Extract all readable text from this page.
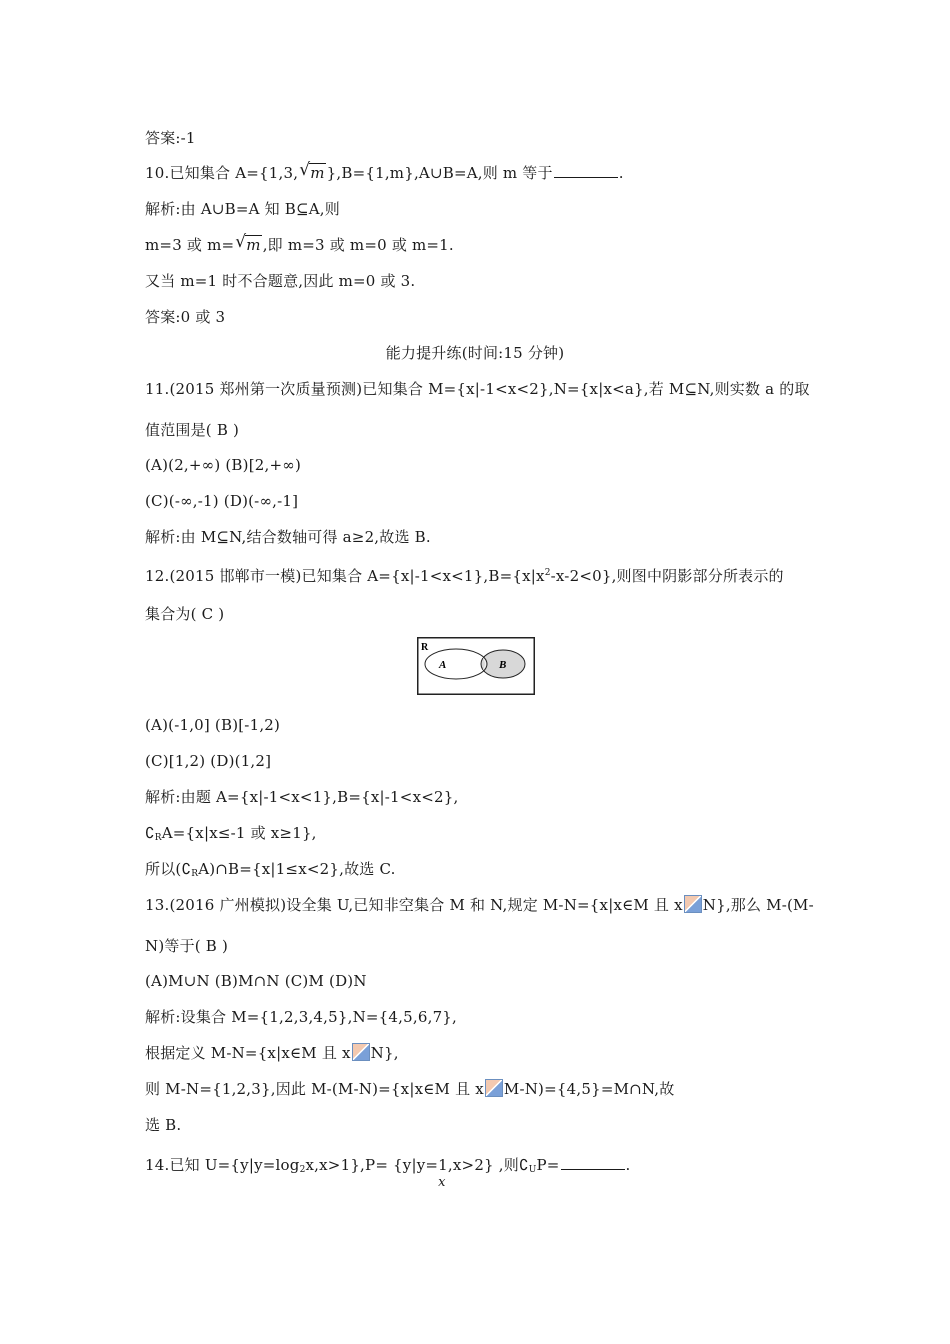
答案:-1
10.已知集合 A={1,3, √ m },B={1,m},A∪B=A,则 m 等于	.
解析:由 A∪B=A 知 B⊆A,则
m=3 或 m= √ m ,即 m=3 或 m=0 或 m=1.
又当 m=1 时不合题意,因此 m=0 或 3.
答案:0 或 3
能力提升练(时间:15 分钟)
11.(2015 郑州第一次质量预测)已知集合 M={x|-1<x<2},N={x|x<a},若 M⊆N,则实数 a 的取
值范围是( B )
(A)(2,+∞) (B)[2,+∞)
(C)(-∞,-1) (D)(-∞,-1]
解析:由 M⊆N,结合数轴可得 a≥2,故选 B.
12.(2015 邯郸市一模)已知集合 $A=\{x|-1<x<1\},B=\{x|x^2-x-2<0\}$,则图中阴影部分所表示的
集合为( C )
R
A	B
(A)(-1,0] (B)[-1,2)
(C)[1,2) (D)(1,2]
解析:由题 A={x|-1<x<1},B={x|-1<x<2},
$∁_RA=\{x|x\le-1$ 或 x≥1},
所以$(∁_RA)\cap B=\{x|1\le x<2\}$,故选 C.
13.(2016 广州模拟)设全集 U,已知非空集合 M 和 N,规定 M-N={x|x∈M 且 x N},那么 M-(M-
N)等于( B )
(A)M∪N (B)M∩N (C)M (D)N
解析:设集合 M={1,2,3,4,5},N={4,5,6,7},
根据定义 M-N={x|x∈M 且 x N},
则 M-N={1,2,3},因此 M-(M-N)={x|x∈M 且 x M-N)={4,5}=M∩N,故
选 B.
14.已知 $U=\{y|y=\log_2x,x>1\},P= \{y|y=1$
x
,x>2} ,则$∁_UP=$	.
